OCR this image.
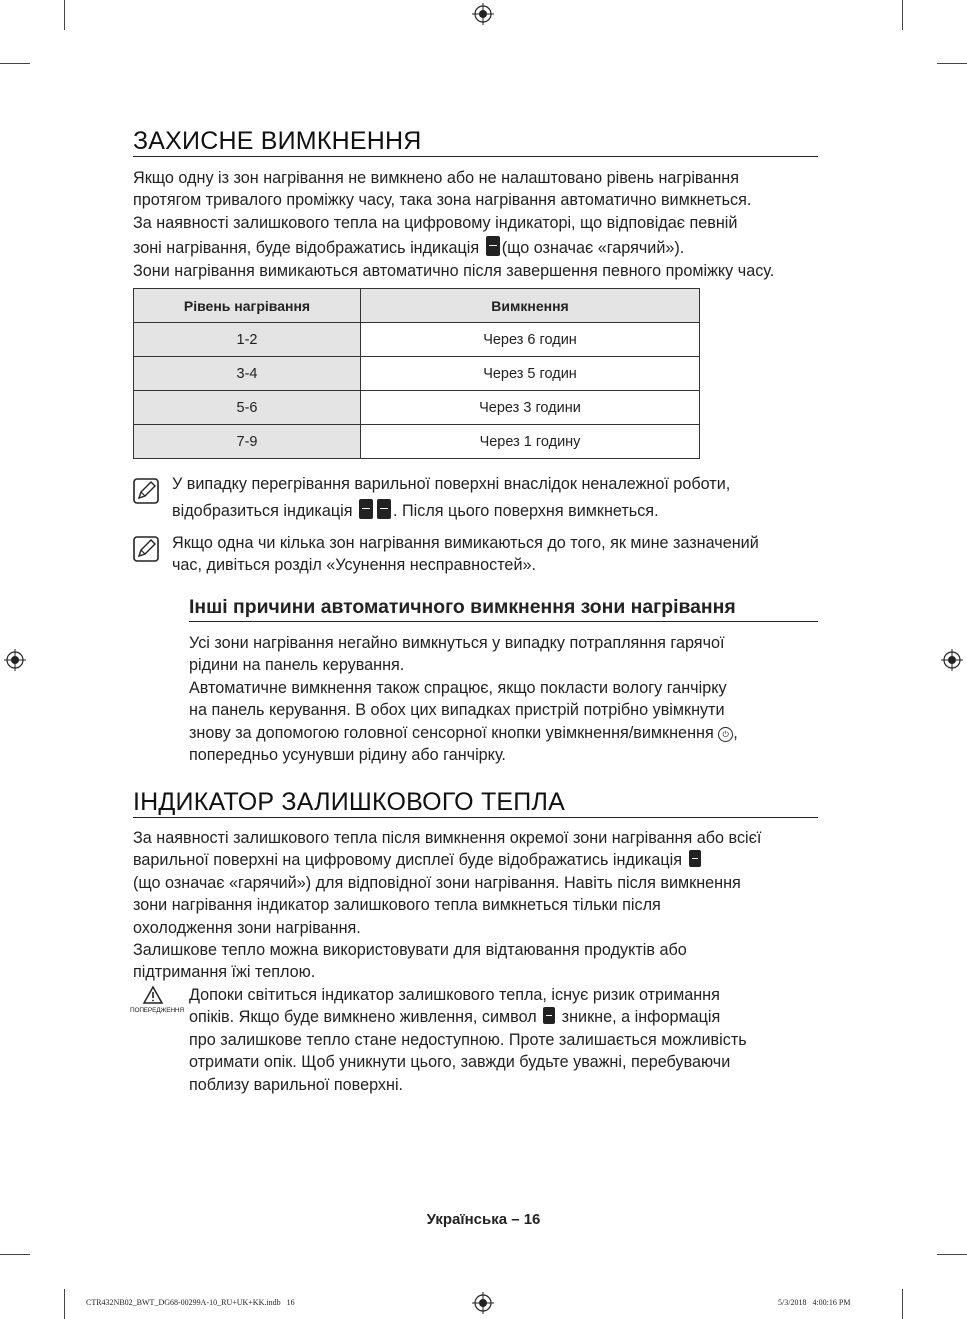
ЗАХИСНЕ ВИМКНЕННЯ
Якщо одну із зон нагрівання не вимкнено або не налаштовано рівень нагрівання
протягом тривалого проміжку часу, така зона нагрівання автоматично вимкнеться.
За наявності залишкового тепла на цифровому індикаторі, що відповідає певній
зоні нагрівання, буде відображатись індикація (що означає «гарячий»).
Зони нагрівання вимикаються автоматично після завершення певного проміжку часу.
Рівень нагрівання	Вимкнення
1-2	Через 6 годин
3-4	Через 5 годин
5-6	Через 3 години
7-9	Через 1 годину
У випадку перегрівання варильної поверхні внаслідок неналежної роботи,
відобразиться індикація	. Після цього поверхня вимкнеться.
Якщо одна чи кілька зон нагрівання вимикаються до того, як мине зазначений
час, дивіться розділ «Усунення несправностей».
Інші причини автоматичного вимкнення зони нагрівання
Усі зони нагрівання негайно вимкнуться у випадку потрапляння гарячої
рідини на панель керування.
Автоматичне вимкнення також спрацює, якщо покласти вологу ганчірку
на панель керування. В обох цих випадках пристрій потрібно увімкнути
знову за допомогою головної сенсорної кнопки увімкнення/вимкнення ⏻ ,
попередньо усунувши рідину або ганчірку.
ІНДИКАТОР ЗАЛИШКОВОГО ТЕПЛА
За наявності залишкового тепла після вимкнення окремої зони нагрівання або всієї
варильної поверхні на цифровому дисплеї буде відображатись індикація
(що означає «гарячий») для відповідної зони нагрівання. Навіть після вимкнення
зони нагрівання індикатор залишкового тепла вимкнеться тільки після
охолодження зони нагрівання.
Залишкове тепло можна використовувати для відтаювання продуктів або
підтримання їжі теплою.
ПОПЕРЕДЖЕННЯ
Допоки світиться індикатор залишкового тепла, існує ризик отримання
опіків. Якщо буде вимкнено живлення, символ зникне, а інформація
про залишкове тепло стане недоступною. Проте залишається можливість
отримати опік. Щоб уникнути цього, завжди будьте уважні, перебуваючи
поблизу варильної поверхні.
Українська – 16
CTR432NB02_BWT_DG68-00299A-10_RU+UK+KK.indb   16	5/3/2018   4:00:16 PM
